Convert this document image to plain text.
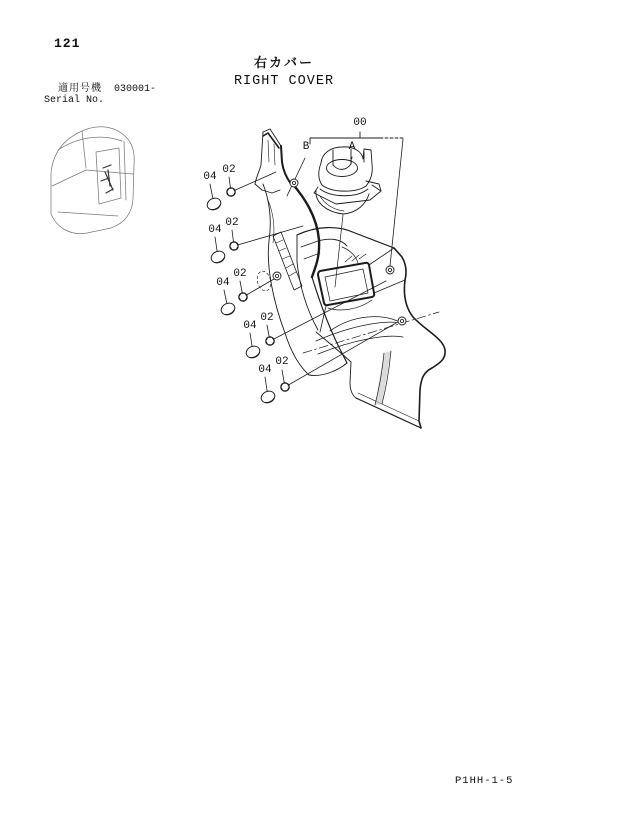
121
右カバー
RIGHT COVER
適用号機 030001-
Serial No.
00
B	A
04
02
04
02
04
02
04
02
04
02
P1HH-1-5
